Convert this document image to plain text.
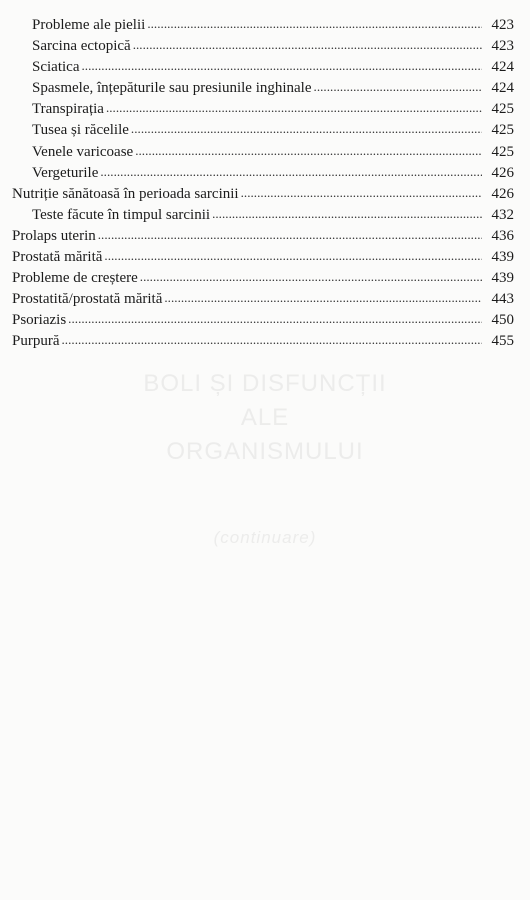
BOLI ȘI DISFUNCȚII
ALE
ORGANISMULUI
(continuare)
Probleme ale pielii . . .	423
Sarcina ectopică . . .	423
Sciatica . . .	424
Spasmele, înțepăturile sau presiunile inghinale . . .	424
Transpirația . . .	425
Tusea și răcelile . . .	425
Venele varicoase . . .	425
Vergeturile . . .	426
Nutriție sănătoasă în perioada sarcinii . . .	426
Teste făcute în timpul sarcinii . . .	432
Prolaps uterin . . .	436
Prostată mărită . . .	439
Probleme de creștere . . .	439
Prostatită/prostată mărită . . .	443
Psoriazis . . .	450
Purpură . . .	455
